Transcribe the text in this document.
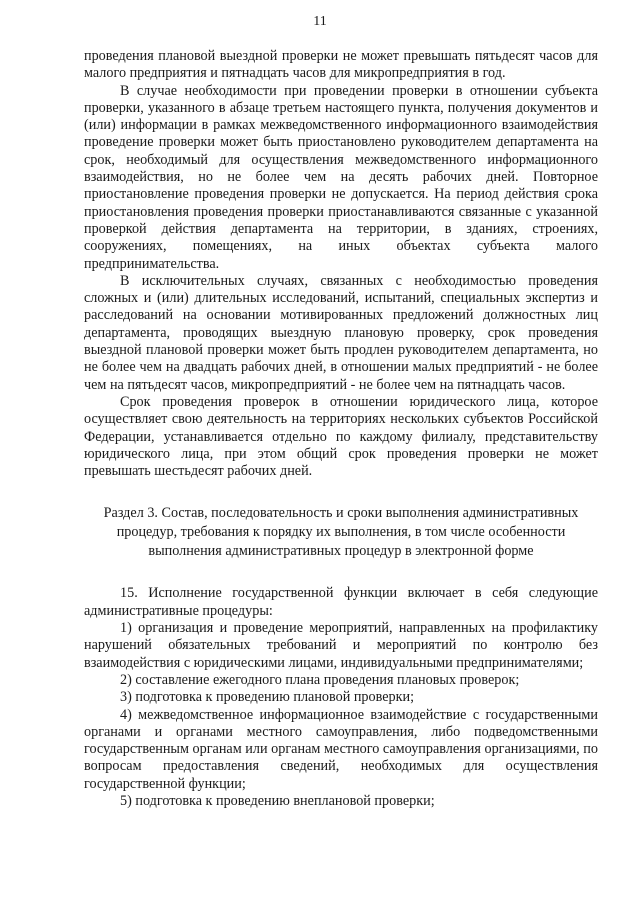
11

проведения плановой выездной проверки не может превышать пятьдесят часов для малого предприятия и пятнадцать часов для микропредприятия в год.

В случае необходимости при проведении проверки в отношении субъекта проверки, указанного в абзаце третьем настоящего пункта, получения документов и (или) информации в рамках межведомственного информационного взаимодействия проведение проверки может быть приостановлено руководителем департамента на срок, необходимый для осуществления межведомственного информационного взаимодействия, но не более чем на десять рабочих дней. Повторное приостановление проведения проверки не допускается. На период действия срока приостановления проведения проверки приостанавливаются связанные с указанной проверкой действия департамента на территории, в зданиях, строениях, сооружениях, помещениях, на иных объектах субъекта малого предпринимательства.

В исключительных случаях, связанных с необходимостью проведения сложных и (или) длительных исследований, испытаний, специальных экспертиз и расследований на основании мотивированных предложений должностных лиц департамента, проводящих выездную плановую проверку, срок проведения выездной плановой проверки может быть продлен руководителем департамента, но не более чем на двадцать рабочих дней, в отношении малых предприятий - не более чем на пятьдесят часов, микропредприятий - не более чем на пятнадцать часов.

Срок проведения проверок в отношении юридического лица, которое осуществляет свою деятельность на территориях нескольких субъектов Российской Федерации, устанавливается отдельно по каждому филиалу, представительству юридического лица, при этом общий срок проведения проверки не может превышать шестьдесят рабочих дней.

Раздел 3. Состав, последовательность и сроки выполнения административных процедур, требования к порядку их выполнения, в том числе особенности выполнения административных процедур в электронной форме

15. Исполнение государственной функции включает в себя следующие административные процедуры:

1) организация и проведение мероприятий, направленных на профилактику нарушений обязательных требований и мероприятий по контролю без взаимодействия с юридическими лицами, индивидуальными предпринимателями;

2) составление ежегодного плана проведения плановых проверок;

3) подготовка к проведению плановой проверки;

4) межведомственное информационное взаимодействие с государственными органами и органами местного самоуправления, либо подведомственными государственным органам или органам местного самоуправления организациями, по вопросам предоставления сведений, необходимых для осуществления государственной функции;

5) подготовка к проведению внеплановой проверки;
